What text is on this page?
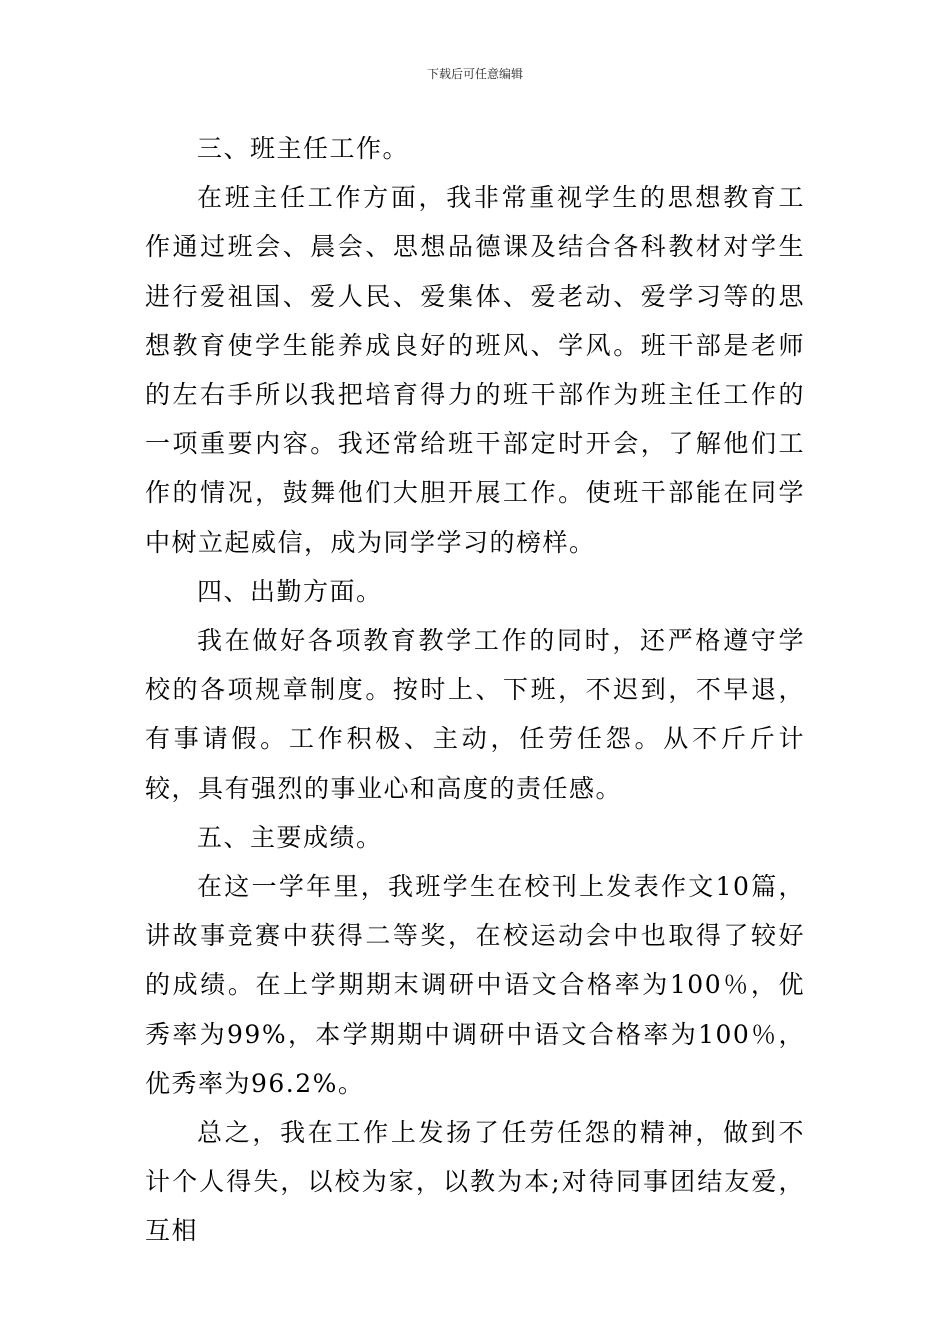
下载后可任意编辑

三、班主任工作。

在班主任工作方面，我非常重视学生的思想教育工作通过班会、晨会、思想品德课及结合各科教材对学生进行爱祖国、爱人民、爱集体、爱老动、爱学习等的思想教育使学生能养成良好的班风、学风。班干部是老师的左右手所以我把培育得力的班干部作为班主任工作的一项重要内容。我还常给班干部定时开会，了解他们工作的情况，鼓舞他们大胆开展工作。使班干部能在同学中树立起威信，成为同学学习的榜样。

四、出勤方面。

我在做好各项教育教学工作的同时，还严格遵守学校的各项规章制度。按时上、下班，不迟到，不早退，有事请假。工作积极、主动，任劳任怨。从不斤斤计较，具有强烈的事业心和高度的责任感。

五、主要成绩。

在这一学年里，我班学生在校刊上发表作文10篇，讲故事竞赛中获得二等奖，在校运动会中也取得了较好的成绩。在上学期期末调研中语文合格率为100％，优秀率为99%，本学期期中调研中语文合格率为100％，优秀率为96.2%。

总之，我在工作上发扬了任劳任怨的精神，做到不计个人得失，以校为家，以教为本;对待同事团结友爱，互相
